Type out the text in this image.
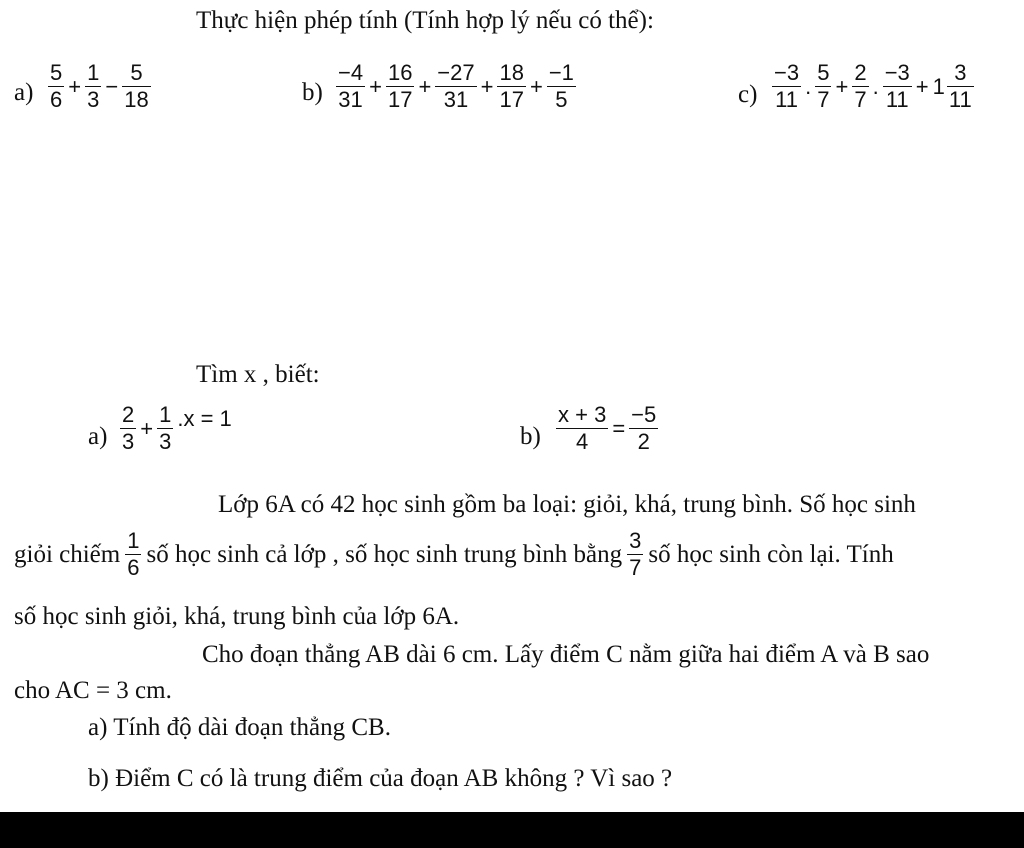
Thực hiện phép tính (Tính hợp lý nếu có thể):
$a) \frac{5}{6} + \frac{1}{3} - \frac{5}{18}$	$b) \frac{-4}{31} + \frac{16}{17} + \frac{-27}{31} + \frac{18}{17} + \frac{-1}{5}$	$c) \frac{-3}{11}$ . $\frac{5}{7} + \frac{2}{7}$ . $\frac{-3}{11} + 1 \frac{3}{11}$
Tìm x , biết:
$a) \frac{2}{3} + \frac{1}{3} .x = 1$
$b) \frac{x + 3}{4} = \frac{-5}{2}$
Lớp 6A có 42 học sinh gồm ba loại: giỏi, khá, trung bình. Số học sinh
giỏi chiếm $\frac{1}{6}$ số học sinh cả lớp , số học sinh trung bình bằng $\frac{3}{7}$ số học sinh còn lại. Tính
số học sinh giỏi, khá, trung bình của lớp 6A.
Cho đoạn thẳng AB dài 6 cm. Lấy điểm C nằm giữa hai điểm A và B sao
cho AC = 3 cm.
a) Tính độ dài đoạn thẳng CB.
b) Điểm C có là trung điểm của đoạn AB không ? Vì sao ?
